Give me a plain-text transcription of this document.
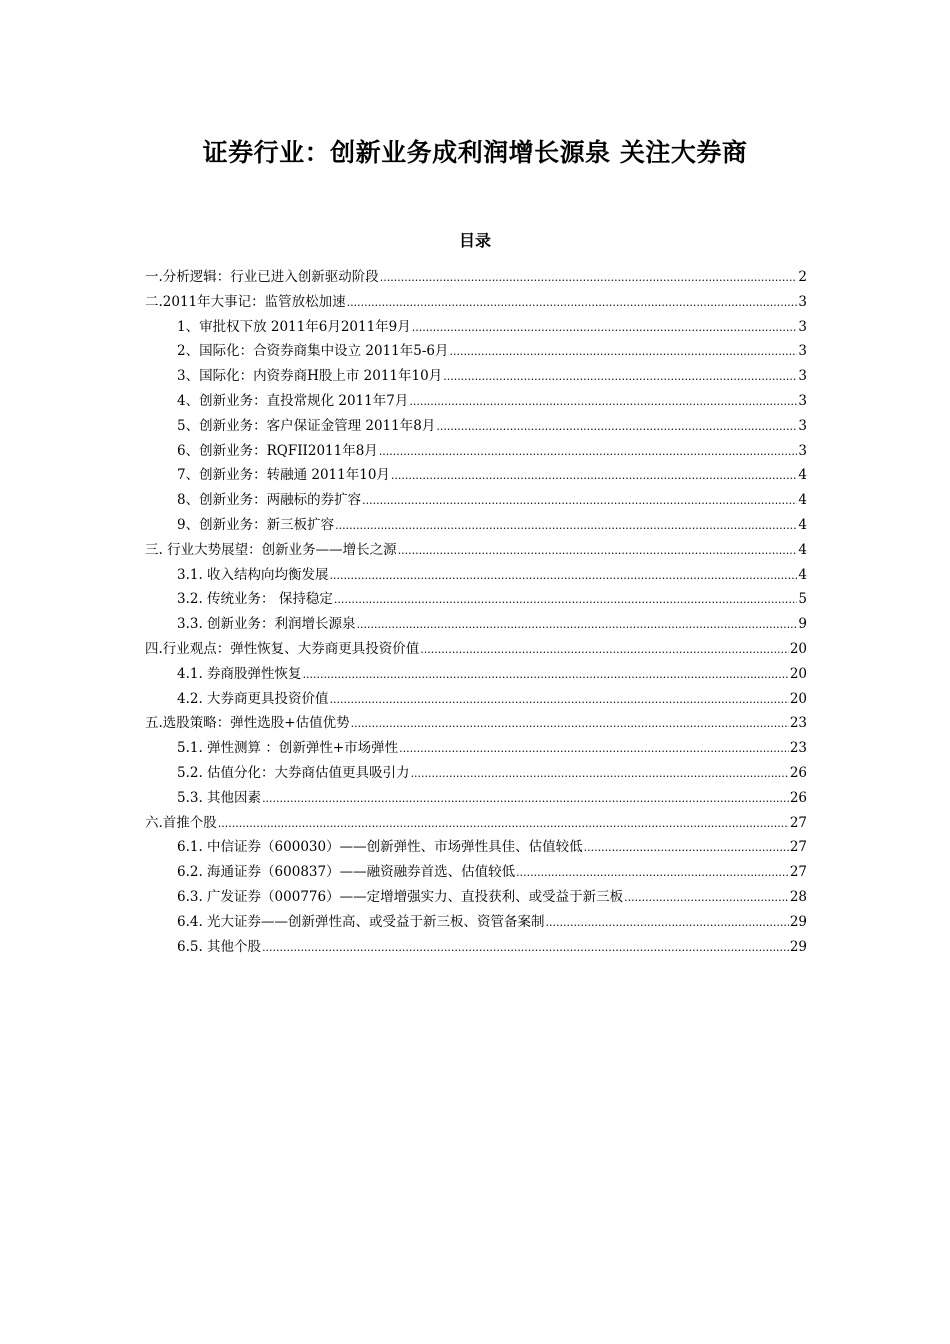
证券行业：创新业务成利润增长源泉 关注大券商
目录
一.分析逻辑：行业已进入创新驱动阶段 .....	2
二.2011年大事记：监管放松加速 .....	3
1、审批权下放 2011年6月2011年9月 .....	3
2、国际化：合资券商集中设立 2011年5-6月 .....	3
3、国际化：内资券商H股上市 2011年10月 .....	3
4、创新业务：直投常规化 2011年7月 .....	3
5、创新业务：客户保证金管理 2011年8月 .....	3
6、创新业务：RQFII2011年8月 .....	3
7、创新业务：转融通 2011年10月 .....	4
8、创新业务：两融标的券扩容 .....	4
9、创新业务：新三板扩容 .....	4
三. 行业大势展望：创新业务——增长之源 .....	4
3.1. 收入结构向均衡发展 .....	4
3.2. 传统业务： 保持稳定 .....	5
3.3. 创新业务：利润增长源泉 .....	9
四.行业观点：弹性恢复、大券商更具投资价值 .....	20
4.1. 券商股弹性恢复 .....	20
4.2. 大券商更具投资价值 .....	20
五.选股策略：弹性选股+估值优势 .....	23
5.1. 弹性测算 ：创新弹性+市场弹性 .....	23
5.2. 估值分化：大券商估值更具吸引力 .....	26
5.3. 其他因素 .....	26
六.首推个股 .....	27
6.1. 中信证券（600030）——创新弹性、市场弹性具佳、估值较低 .....	27
6.2. 海通证券（600837）——融资融券首选、估值较低 .....	27
6.3. 广发证券（000776）——定增增强实力、直投获利、或受益于新三板 .....	28
6.4. 光大证券——创新弹性高、或受益于新三板、资管备案制 .....	29
6.5. 其他个股 .....	29
